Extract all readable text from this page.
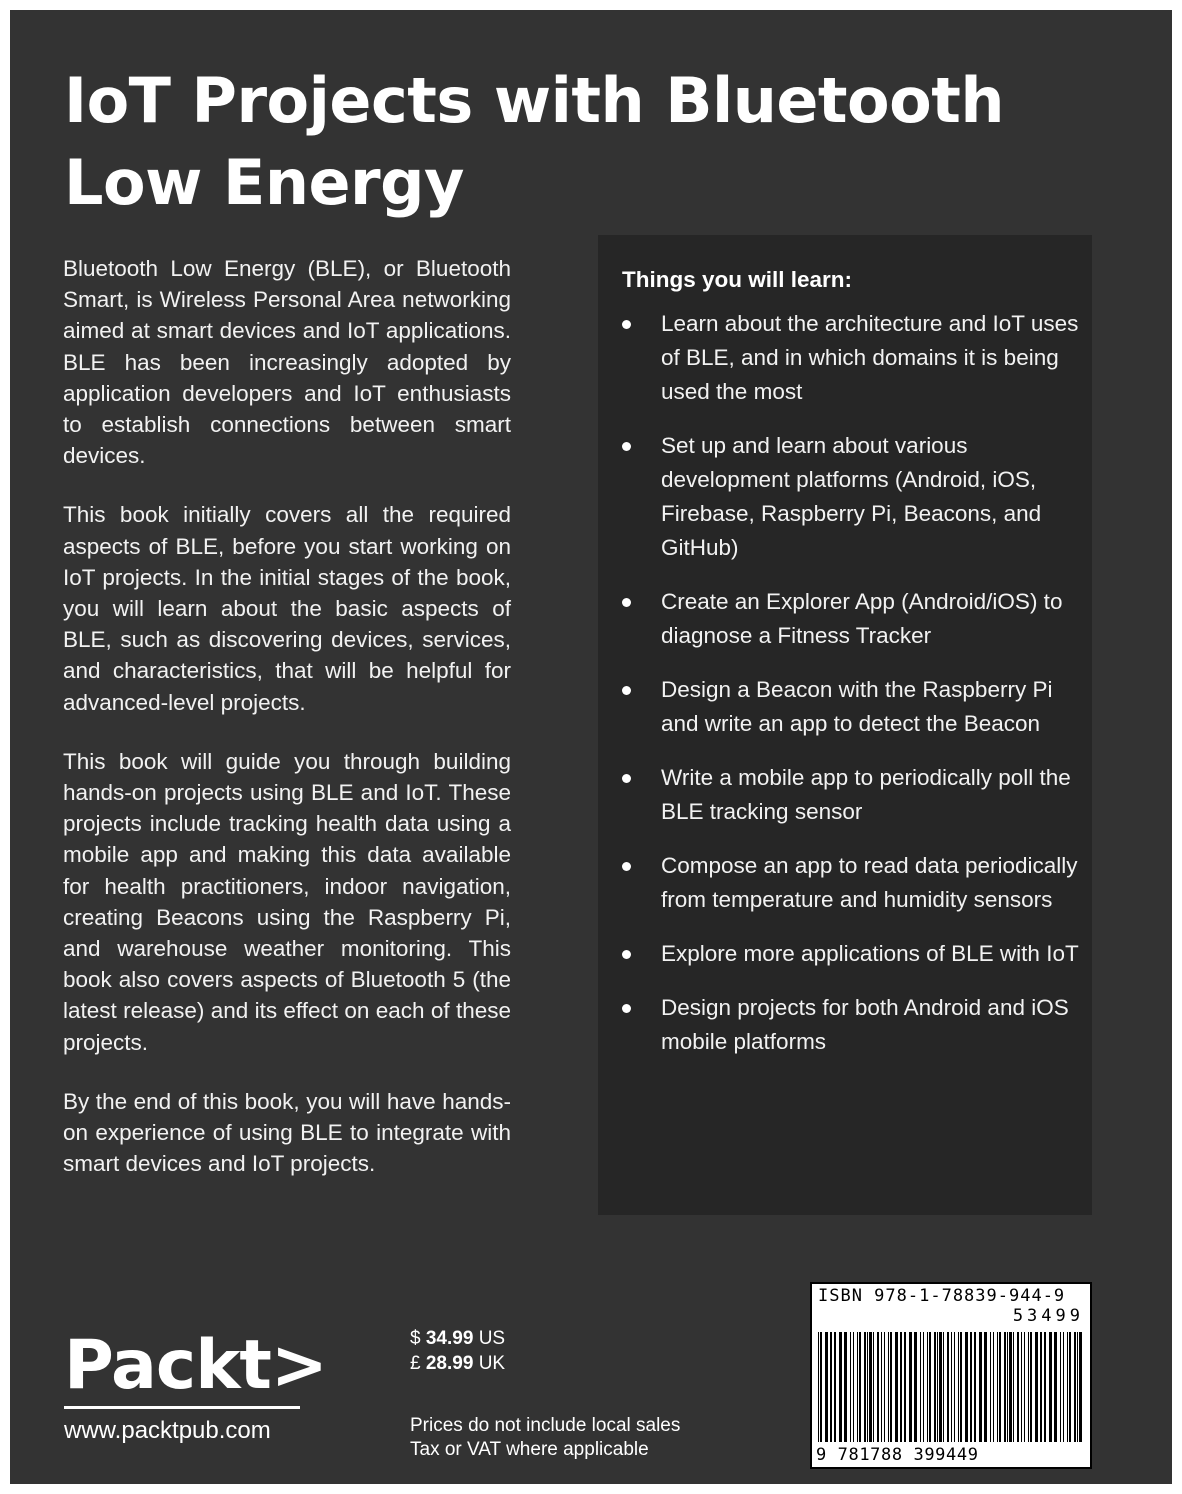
IoT Projects with Bluetooth Low Energy

Bluetooth Low Energy (BLE), or Bluetooth Smart, is Wireless Personal Area networking aimed at smart devices and IoT applications. BLE has been increasingly adopted by application developers and IoT enthusiasts to establish connections between smart devices.

This book initially covers all the required aspects of BLE, before you start working on IoT projects. In the initial stages of the book, you will learn about the basic aspects of BLE, such as discovering devices, services, and characteristics, that will be helpful for advanced-level projects.

This book will guide you through building hands-on projects using BLE and IoT. These projects include tracking health data using a mobile app and making this data available for health practitioners, indoor navigation, creating Beacons using the Raspberry Pi, and warehouse weather monitoring. This book also covers aspects of Bluetooth 5 (the latest release) and its effect on each of these projects.

By the end of this book, you will have hands-on experience of using BLE to integrate with smart devices and IoT projects.

Things you will learn:
Learn about the architecture and IoT uses of BLE, and in which domains it is being used the most
Set up and learn about various development platforms (Android, iOS, Firebase, Raspberry Pi, Beacons, and GitHub)
Create an Explorer App (Android/iOS) to diagnose a Fitness Tracker
Design a Beacon with the Raspberry Pi and write an app to detect the Beacon
Write a mobile app to periodically poll the BLE tracking sensor
Compose an app to read data periodically from temperature and humidity sensors
Explore more applications of BLE with IoT
Design projects for both Android and iOS mobile platforms
Packt>
www.packtpub.com
$ 34.99 US
£ 28.99 UK
Prices do not include local sales
Tax or VAT where applicable
ISBN 978-1-78839-944-9
53499
9 781788 399449
